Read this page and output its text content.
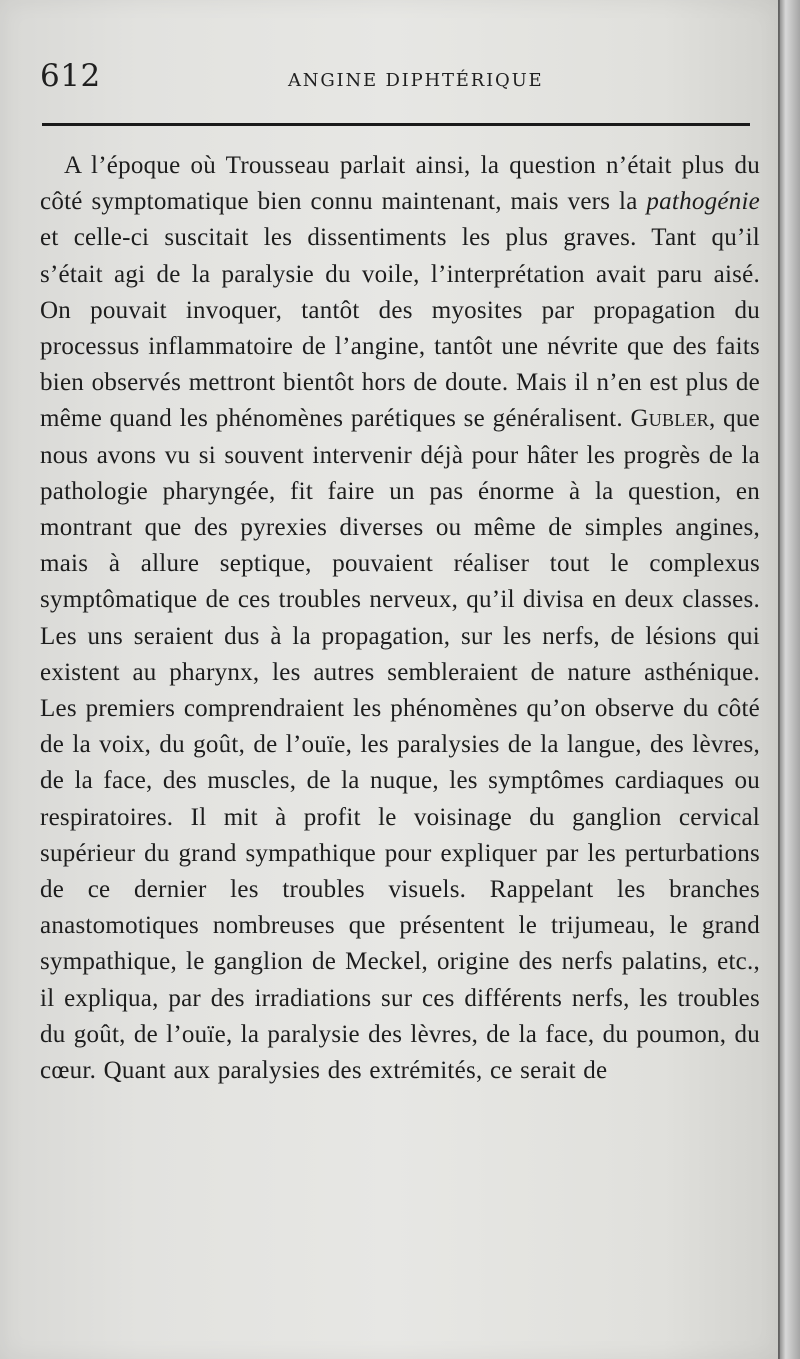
612	ANGINE DIPHTÉRIQUE

A l’époque où Trousseau parlait ainsi, la question n’était plus du côté symptomatique bien connu maintenant, mais vers la pathogénie et celle-ci suscitait les dissentiments les plus graves. Tant qu’il s’était agi de la paralysie du voile, l’interprétation avait paru aisé. On pouvait invoquer, tantôt des myosites par propagation du processus inflammatoire de l’angine, tantôt une névrite que des faits bien observés mettront bientôt hors de doute. Mais il n’en est plus de même quand les phénomènes parétiques se généralisent. Gubler, que nous avons vu si souvent intervenir déjà pour hâter les progrès de la pathologie pharyngée, fit faire un pas énorme à la question, en montrant que des pyrexies diverses ou même de simples angines, mais à allure septique, pouvaient réaliser tout le complexus symptômatique de ces troubles nerveux, qu’il divisa en deux classes. Les uns seraient dus à la propagation, sur les nerfs, de lésions qui existent au pharynx, les autres sembleraient de nature asthénique. Les premiers comprendraient les phénomènes qu’on observe du côté de la voix, du goût, de l’ouïe, les paralysies de la langue, des lèvres, de la face, des muscles, de la nuque, les symptômes cardiaques ou respiratoires. Il mit à profit le voisinage du ganglion cervical supérieur du grand sympathique pour expliquer par les perturbations de ce dernier les troubles visuels. Rappelant les branches anastomotiques nombreuses que présentent le trijumeau, le grand sympathique, le ganglion de Meckel, origine des nerfs palatins, etc., il expliqua, par des irradiations sur ces différents nerfs, les troubles du goût, de l’ouïe, la paralysie des lèvres, de la face, du poumon, du cœur. Quant aux paralysies des extrémités, ce serait de
